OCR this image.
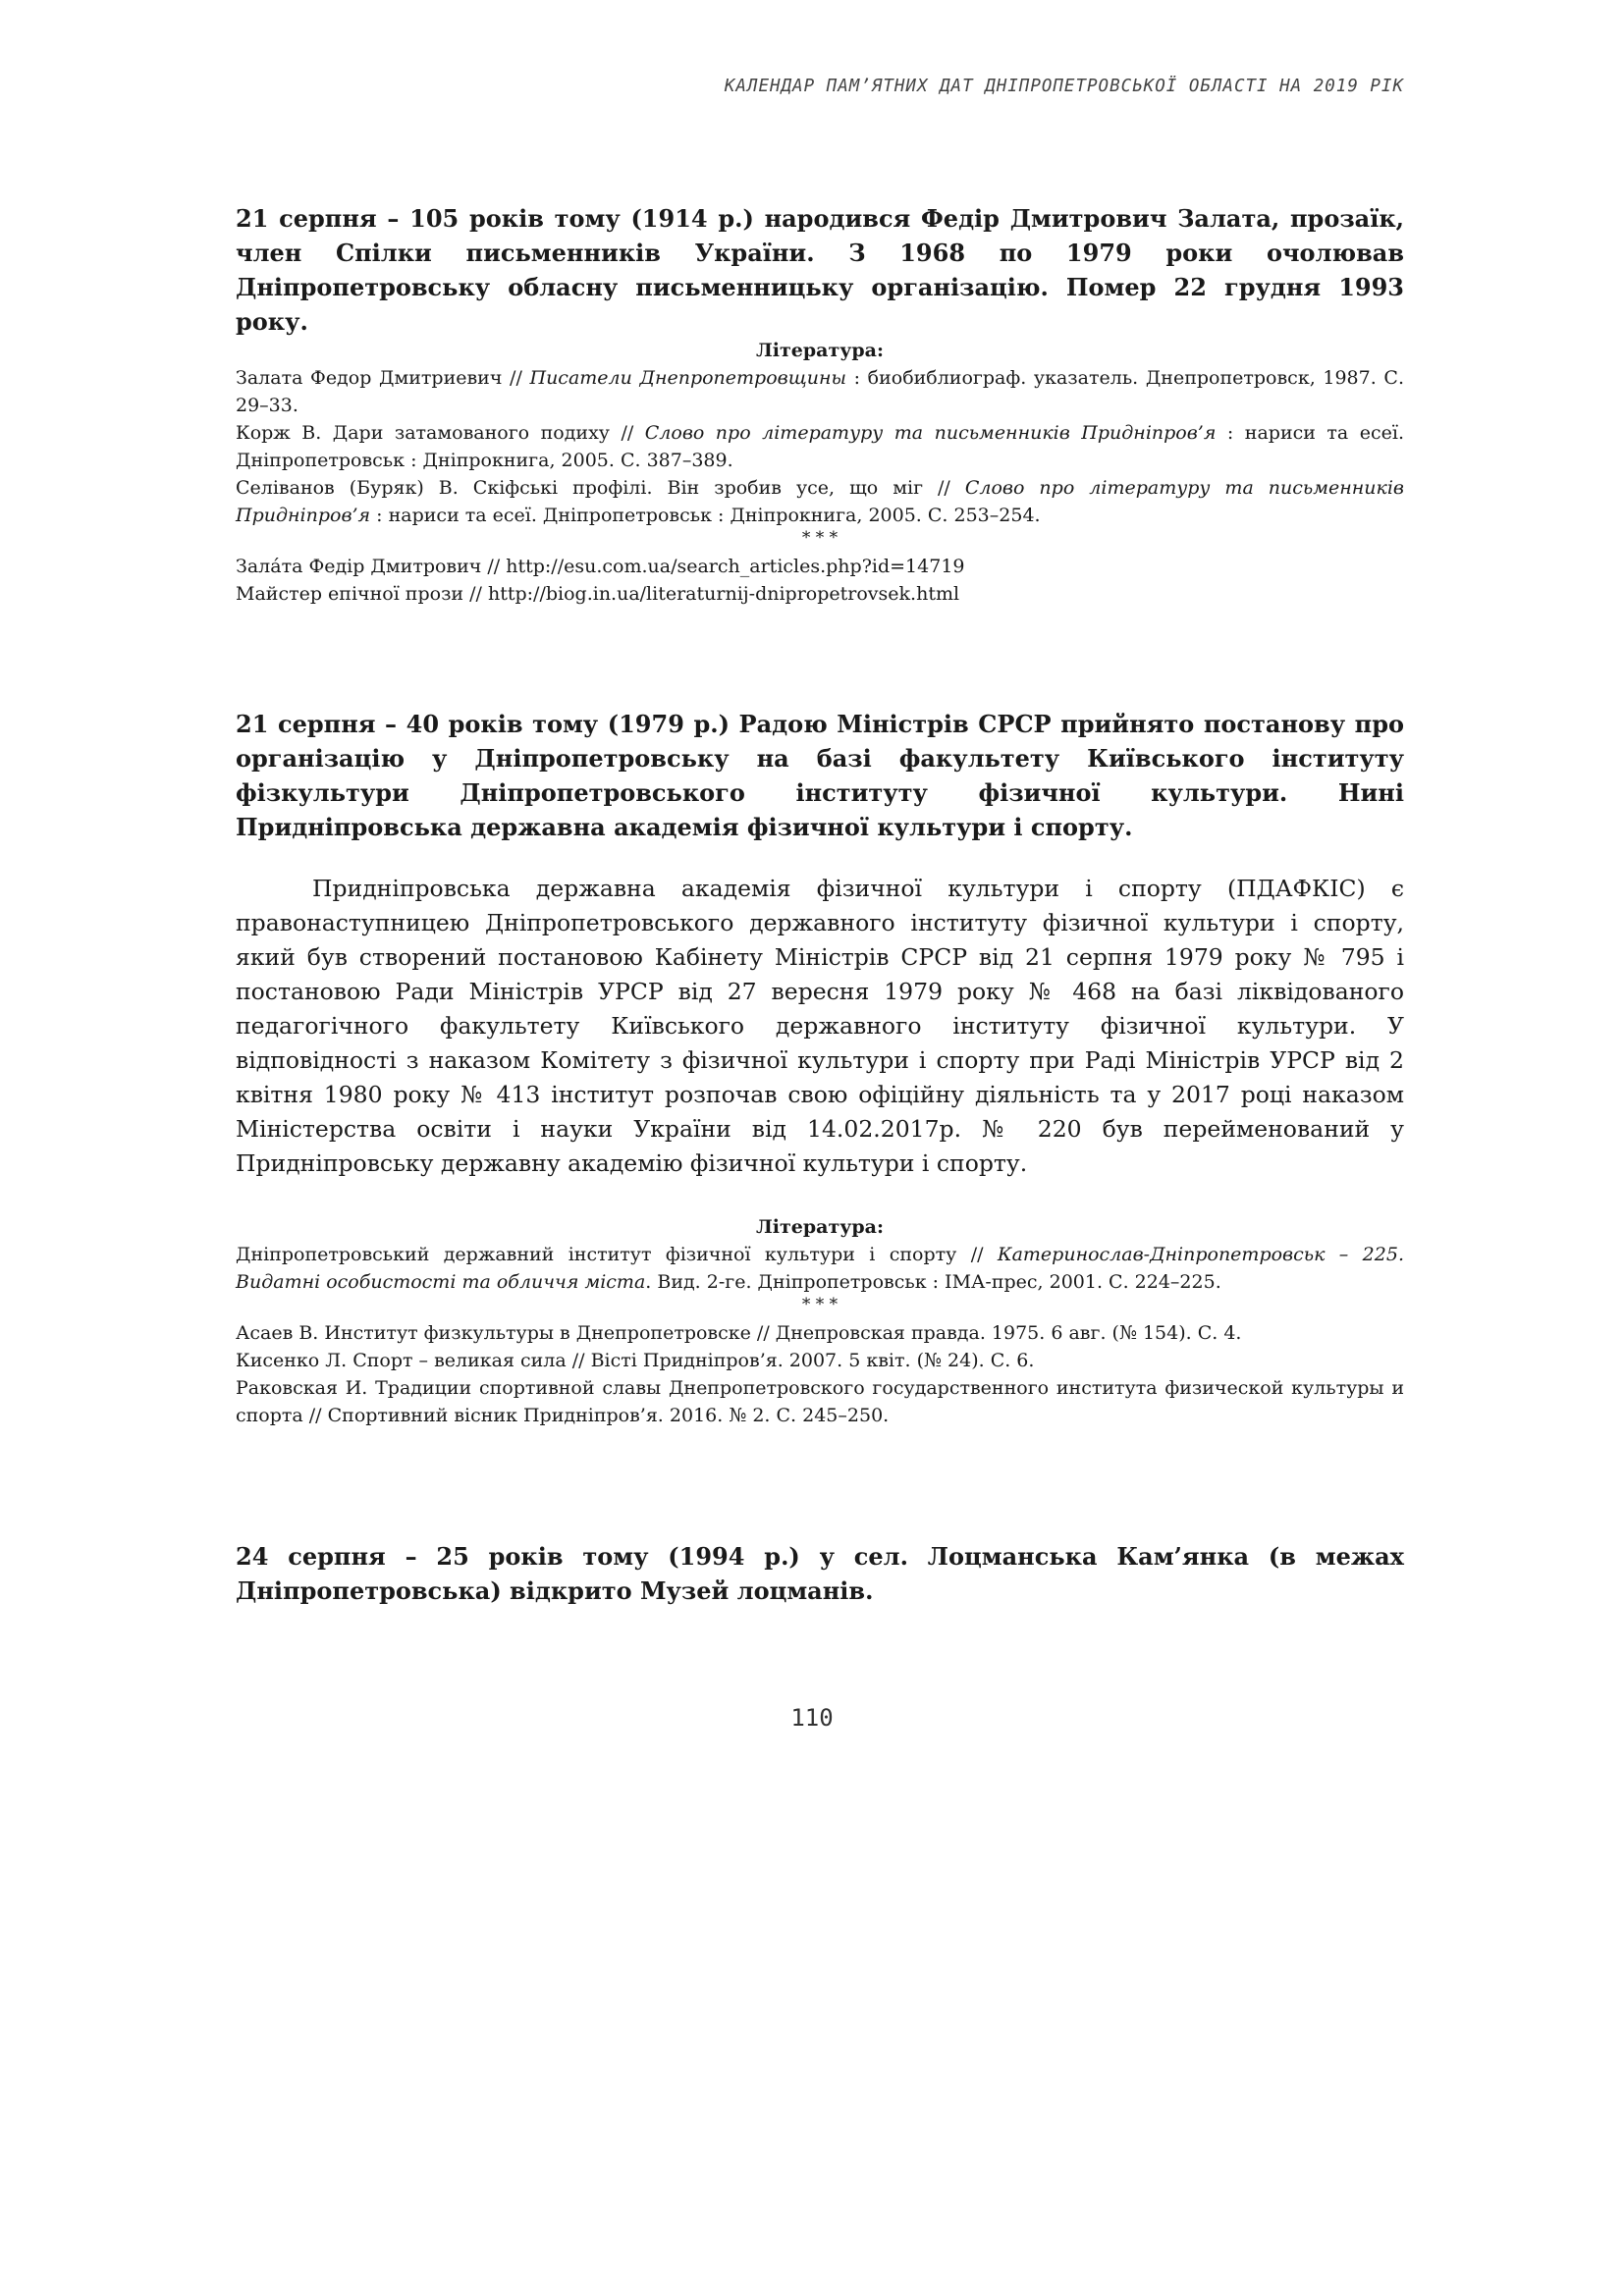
КАЛЕНДАР ПАМ’ЯТНИХ ДАТ ДНІПРОПЕТРОВСЬКОЇ ОБЛАСТІ НА 2019 РІК

21 серпня – 105 років тому (1914 р.) народився Федір Дмитрович Залата, прозаїк, член Спілки письменників України. З 1968 по 1979 роки очолював Дніпропетровську обласну письменницьку організацію. Помер 22 грудня 1993 року.

Література:

Залата Федор Дмитриевич // Писатели Днепропетровщины : биобиблиограф. указатель. Днепропетровск, 1987. С. 29–33.

Корж В. Дари затамованого подиху // Слово про літературу та письменників Придніпров’я : нариси та есеї. Дніпропетровськ : Дніпрокнига, 2005. С. 387–389.

Селіванов (Буряк) В. Скіфські профілі. Він зробив усе, що міг // Слово про літературу та письменників Придніпров’я : нариси та есеї. Дніпропетровськ : Дніпрокнига, 2005. С. 253–254.

* * *

Зала́та Федір Дмитрович // http://esu.com.ua/search_articles.php?id=14719

Майстер епічної прози // http://biog.in.ua/literaturnij-dnipropetrovsek.html

21 серпня – 40 років тому (1979 р.) Радою Міністрів СРСР прийнято постанову про організацію у Дніпропетровську на базі факультету Київського інституту фізкультури Дніпропетровського інституту фізичної культури. Нині Придніпровська державна академія фізичної культури і спорту.

Придніпровська державна академія фізичної культури і спорту (ПДАФКІС) є правонаступницею Дніпропетровського державного інституту фізичної культури і спорту, який був створений постановою Кабінету Міністрів СРСР від 21 серпня 1979 року № 795 і постановою Ради Міністрів УРСР від 27 вересня 1979 року № 468 на базі ліквідованого педагогічного факультету Київського державного інституту фізичної культури. У відповідності з наказом Комітету з фізичної культури і спорту при Раді Міністрів УРСР від 2 квітня 1980 року № 413 інститут розпочав свою офіційну діяльність та у 2017 році наказом Міністерства освіти і науки України від 14.02.2017р. № 220 був перейменований у Придніпровську державну академію фізичної культури і спорту.

Література:

Дніпропетровський державний інститут фізичної культури і спорту // Катеринослав-Дніпропетровськ – 225. Видатні особистості та обличчя міста. Вид. 2-ге. Дніпропетровськ : ІМА-прес, 2001. С. 224–225.

* * *

Асаев В. Институт физкультуры в Днепропетровске // Днепровская правда. 1975. 6 авг. (№ 154). С. 4.

Кисенко Л. Спорт – великая сила // Вісті Придніпров’я. 2007. 5 квіт. (№ 24). С. 6.

Раковская И. Традиции спортивной славы Днепропетровского государственного института физической культуры и спорта // Спортивний вісник Придніпров’я. 2016. № 2. С. 245–250.

24 серпня – 25 років тому (1994 р.) у сел. Лоцманська Кам’янка (в межах Дніпропетровська) відкрито Музей лоцманів.

110
